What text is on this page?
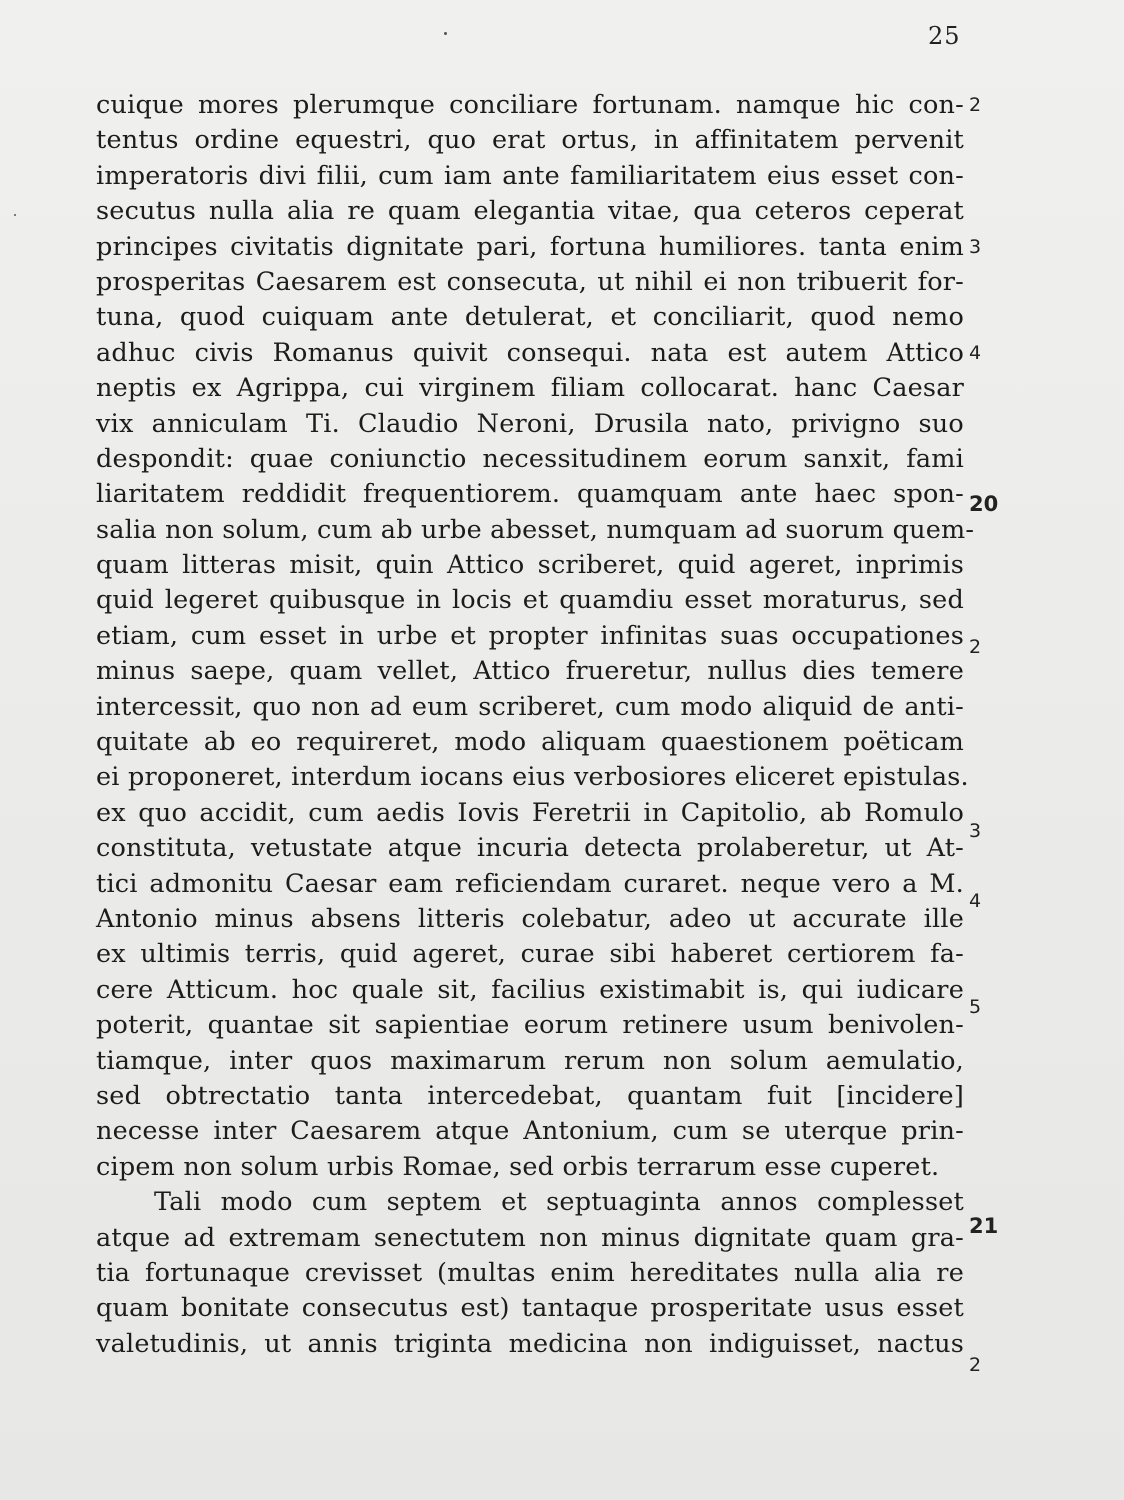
25
cuique mores plerumque conciliare fortunam. namque hic con-
tentus ordine equestri, quo erat ortus, in affinitatem pervenit
imperatoris divi filii, cum iam ante familiaritatem eius esset con-
secutus nulla alia re quam elegantia vitae, qua ceteros ceperat
principes civitatis dignitate pari, fortuna humiliores. tanta enim
prosperitas Caesarem est consecuta, ut nihil ei non tribuerit for-
tuna, quod cuiquam ante detulerat, et conciliarit, quod nemo
adhuc civis Romanus quivit consequi. nata est autem Attico
neptis ex Agrippa, cui virginem filiam collocarat. hanc Caesar
vix anniculam Ti. Claudio Neroni, Drusila nato, privigno suo
despondit: quae coniunctio necessitudinem eorum sanxit, fami
liaritatem reddidit frequentiorem. quamquam ante haec spon-
salia non solum, cum ab urbe abesset, numquam ad suorum quem-
quam litteras misit, quin Attico scriberet, quid ageret, inprimis
quid legeret quibusque in locis et quamdiu esset moraturus, sed
etiam, cum esset in urbe et propter infinitas suas occupationes
minus saepe, quam vellet, Attico frueretur, nullus dies temere
intercessit, quo non ad eum scriberet, cum modo aliquid de anti-
quitate ab eo requireret, modo aliquam quaestionem poëticam
ei proponeret, interdum iocans eius verbosiores eliceret epistulas.
ex quo accidit, cum aedis Iovis Feretrii in Capitolio, ab Romulo
constituta, vetustate atque incuria detecta prolaberetur, ut At-
tici admonitu Caesar eam reficiendam curaret. neque vero a M.
Antonio minus absens litteris colebatur, adeo ut accurate ille
ex ultimis terris, quid ageret, curae sibi haberet certiorem fa-
cere Atticum. hoc quale sit, facilius existimabit is, qui iudicare
poterit, quantae sit sapientiae eorum retinere usum benivolen-
tiamque, inter quos maximarum rerum non solum aemulatio,
sed obtrectatio tanta intercedebat, quantam fuit [incidere]
necesse inter Caesarem atque Antonium, cum se uterque prin-
cipem non solum urbis Romae, sed orbis terrarum esse cuperet.
Tali modo cum septem et septuaginta annos complesset
atque ad extremam senectutem non minus dignitate quam gra-
tia fortunaque crevisset (multas enim hereditates nulla alia re
quam bonitate consecutus est) tantaque prosperitate usus esset
valetudinis, ut annis triginta medicina non indiguisset, nactus
2
3
4
20
2
3
4
5
21
2
